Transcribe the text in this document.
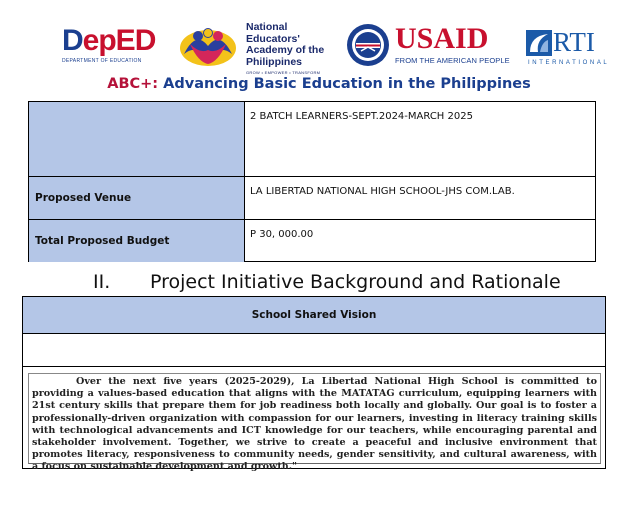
DepED
DEPARTMENT OF EDUCATION
National
Educators'
Academy of the
Philippines
GROW • EMPOWER • TRANSFORM
USAID
FROM THE AMERICAN PEOPLE
RTI
INTERNATIONAL
ABC+: Advancing Basic Education in the Philippines
2 BATCH LEARNERS-SEPT.2024-MARCH 2025
Proposed Venue
LA LIBERTAD NATIONAL HIGH SCHOOL-JHS COM.LAB.
Total Proposed Budget
P 30, 000.00
II. Project Initiative Background and Rationale
School Shared Vision

Over the next five years (2025-2029), La Libertad National High School is committed to providing a values-based education that aligns with the MATATAG curriculum, equipping learners with 21st century skills that prepare them for job readiness both locally and globally. Our goal is to foster a professionally-driven organization with compassion for our learners, investing in literacy training skills with technological advancements and ICT knowledge for our teachers, while encouraging parental and stakeholder involvement. Together, we strive to create a peaceful and inclusive environment that promotes literacy, responsiveness to community needs, gender sensitivity, and cultural awareness, with a focus on sustainable development and growth."
